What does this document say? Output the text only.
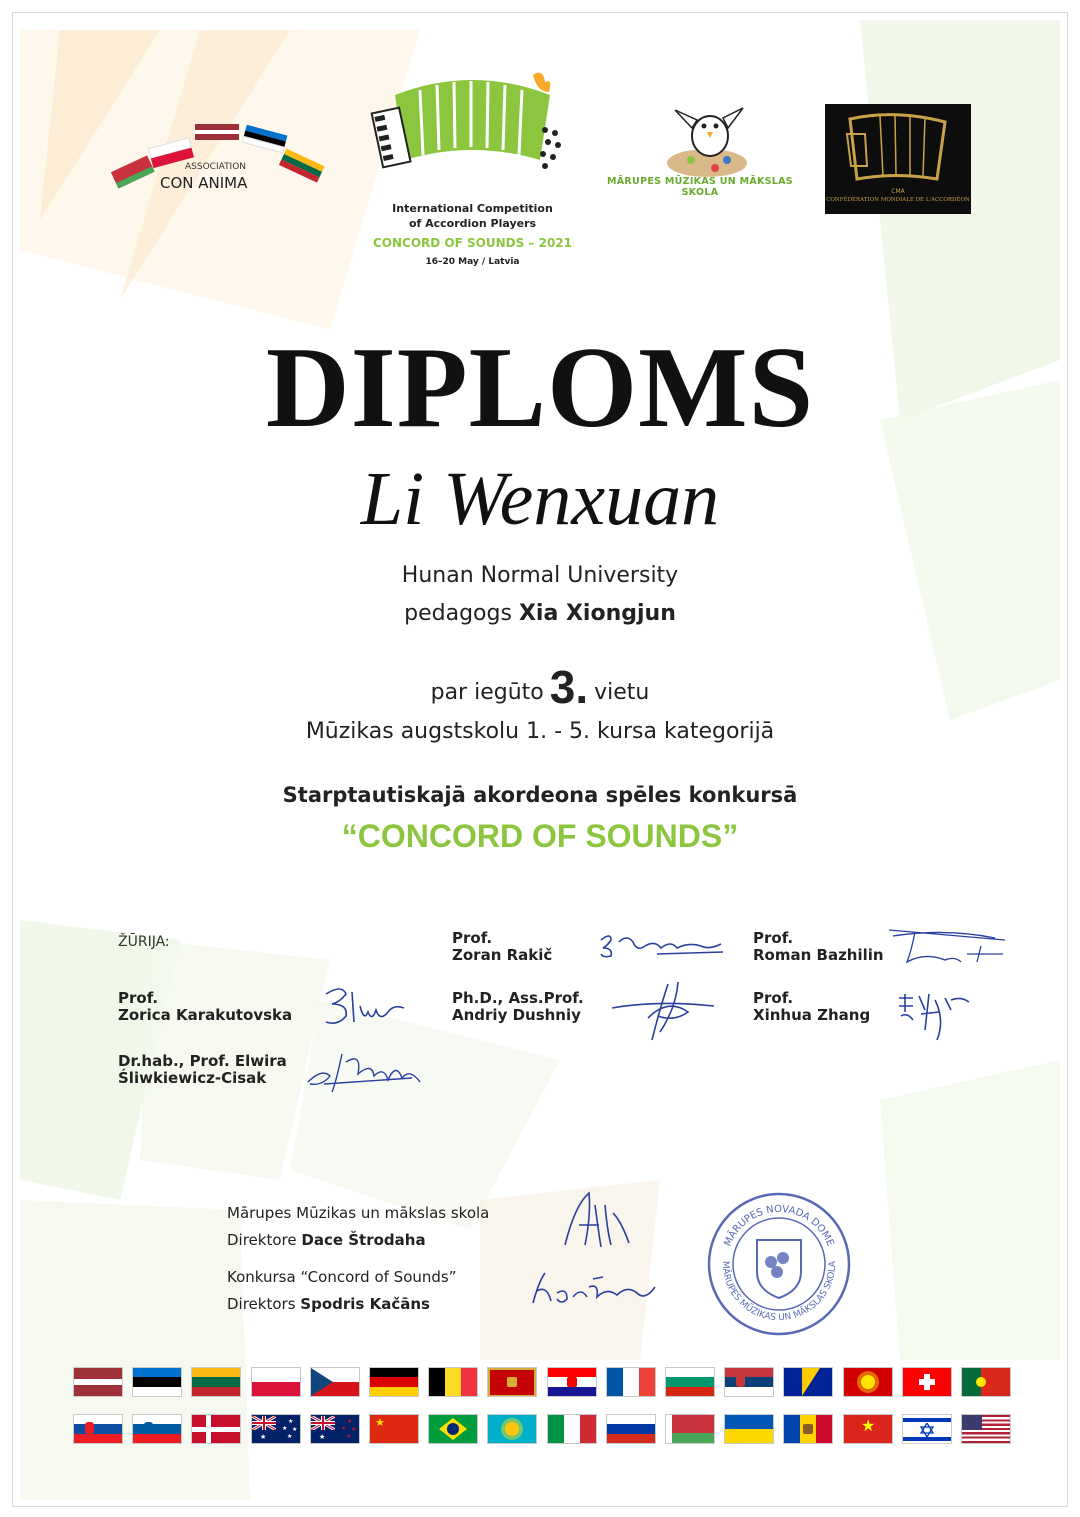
ASSOCIATION
CON ANIMA
International Competition
of Accordion Players
CONCORD OF SOUNDS – 2021
16–20 May / Latvia
MĀRUPES MŪZIKAS UN MĀKSLAS SKOLA	CMA
CONFÉDÉRATION MONDIALE DE L'ACCORDÉON
DIPLOMS
Li Wenxuan
Hunan Normal University
pedagogs Xia Xiongjun
par iegūto 3. vietu
Mūzikas augstskolu 1. - 5. kursa kategorijā
Starptautiskajā akordeona spēles konkursā
“CONCORD OF SOUNDS”
ŽŪRIJA:	Prof.
Zoran Rakič
Prof.
Roman Bazhilin
Prof.
Zorica Karakutovska
Ph.D., Ass.Prof.
Andriy Dushniy
Prof.
Xinhua Zhang
Dr.hab., Prof. Elwira
Śliwkiewicz-Cisak
Mārupes Mūzikas un mākslas skola
Direktore Dace Štrodaha
Konkursa “Concord of Sounds”
Direktors Spodris Kačāns
MĀRUPES NOVADA DOME
MĀRUPES MŪZIKAS UN MĀKSLAS SKOLA
★
★
★ ★
★	★
★
★ ★
★
★	★
